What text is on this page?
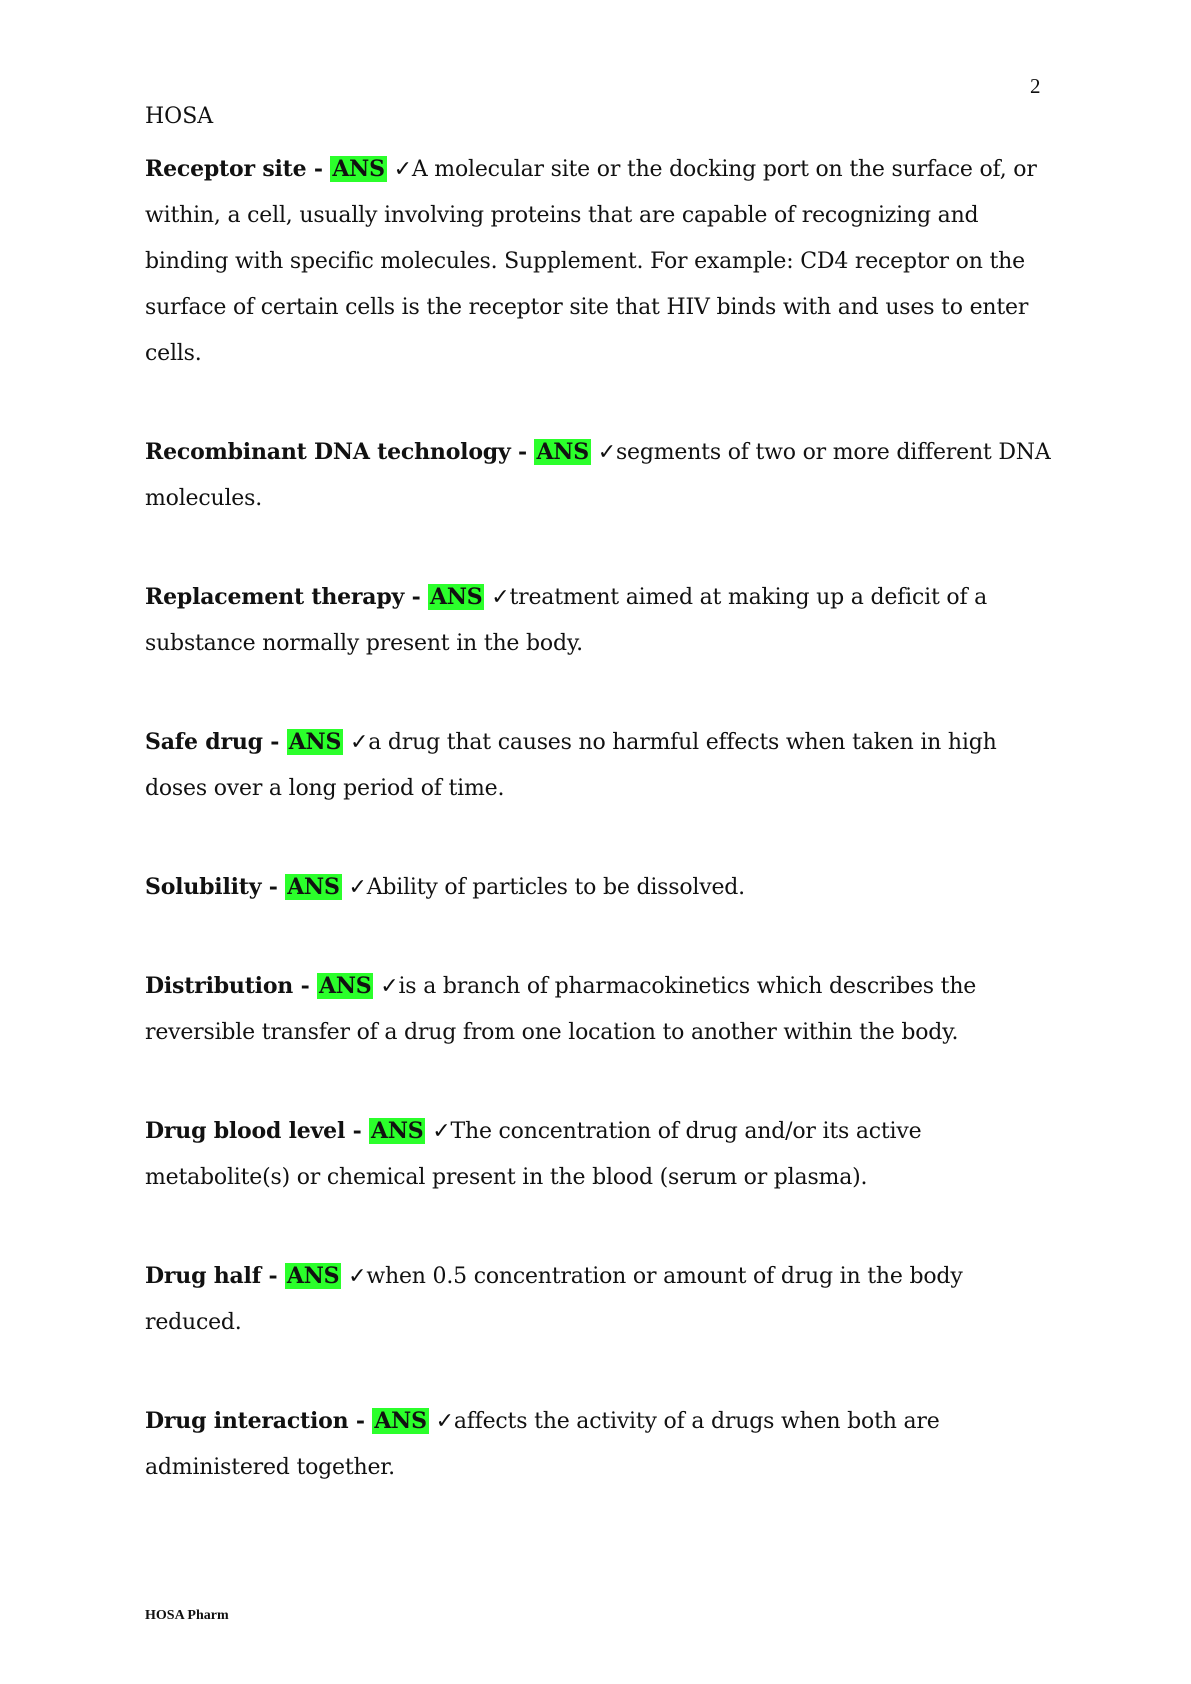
2
HOSA

Receptor site - ANS ✓A molecular site or the docking port on the surface of, or within, a cell, usually involving proteins that are capable of recognizing and binding with specific molecules. Supplement. For example: CD4 receptor on the surface of certain cells is the receptor site that HIV binds with and uses to enter cells.

Recombinant DNA technology - ANS ✓segments of two or more different DNA molecules.

Replacement therapy - ANS ✓treatment aimed at making up a deficit of a substance normally present in the body.

Safe drug - ANS ✓a drug that causes no harmful effects when taken in high doses over a long period of time.

Solubility - ANS ✓Ability of particles to be dissolved.

Distribution - ANS ✓is a branch of pharmacokinetics which describes the reversible transfer of a drug from one location to another within the body.

Drug blood level - ANS ✓The concentration of drug and/or its active metabolite(s) or chemical present in the blood (serum or plasma).

Drug half - ANS ✓when 0.5 concentration or amount of drug in the body reduced.

Drug interaction - ANS ✓affects the activity of a drugs when both are administered together.

HOSA Pharm
